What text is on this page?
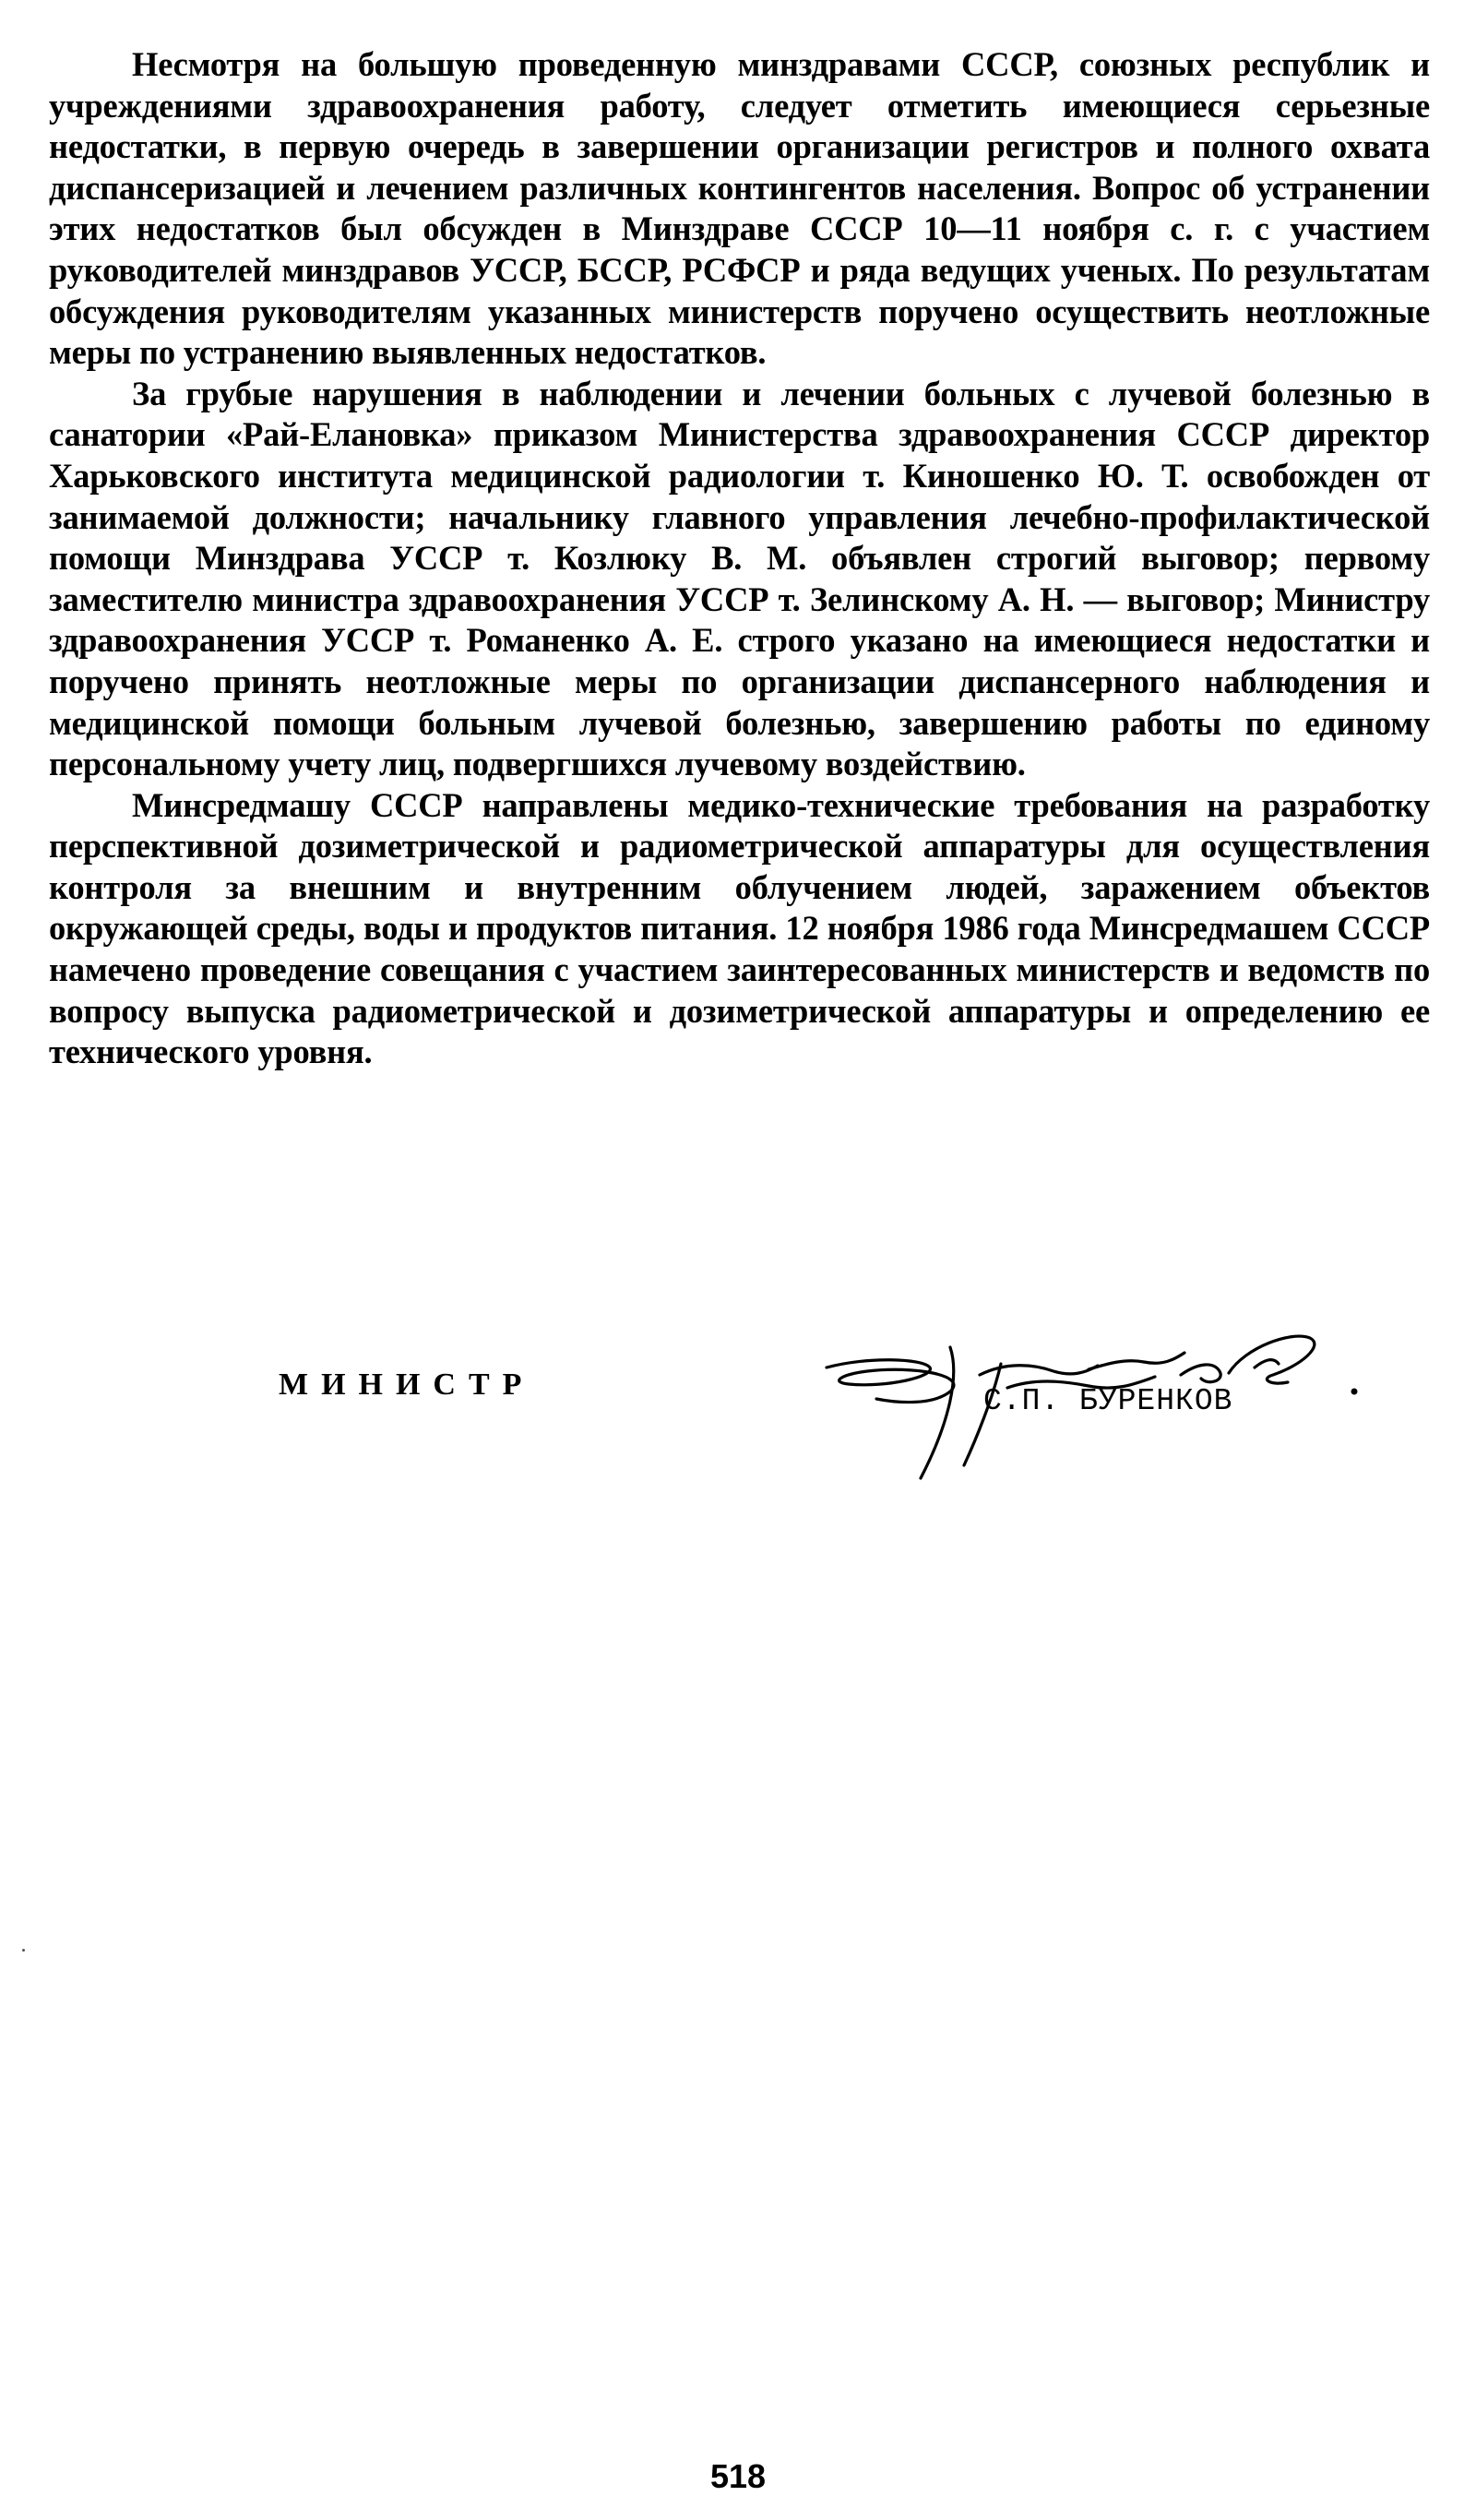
Несмотря на большую проведенную минздравами СССР, союзных республик и учреждениями здравоохранения работу, следует отметить имеющиеся серьезные недостатки, в первую очередь в завершении организации регистров и полного охвата диспансеризацией и лечением различных контингентов населения. Вопрос об устранении этих недостатков был обсужден в Минздраве СССР 10—11 ноября с. г. с участием руководителей минздравов УССР, БССР, РСФСР и ряда ведущих ученых. По результатам обсуждения руководителям указанных министерств поручено осуществить неотложные меры по устранению выявленных недостатков.

За грубые нарушения в наблюдении и лечении больных с лучевой болезнью в санатории «Рай-Елановка» приказом Министерства здравоохранения СССР директор Харьковского института медицинской радиологии т. Киношенко Ю. Т. освобожден от занимаемой должности; начальнику главного управления лечебно-профилактической помощи Минздрава УССР т. Козлюку В. М. объявлен строгий выговор; первому заместителю министра здравоохранения УССР т. Зелинскому А. Н. — выговор; Министру здравоохранения УССР т. Романенко А. Е. строго указано на имеющиеся недостатки и поручено принять неотложные меры по организации диспансерного наблюдения и медицинской помощи больным лучевой болезнью, завершению работы по единому персональному учету лиц, подвергшихся лучевому воздействию.

Минсредмашу СССР направлены медико-технические требования на разработку перспективной дозиметрической и радиометрической аппаратуры для осуществления контроля за внешним и внутренним облучением людей, заражением объектов окружающей среды, воды и продуктов питания. 12 ноября 1986 года Минсредмашем СССР намечено проведение совещания с участием заинтересованных министерств и ведомств по вопросу выпуска радиометрической и дозиметрической аппаратуры и определению ее технического уровня.

МИНИСТР	С.П. БУРЕНКОВ

518
